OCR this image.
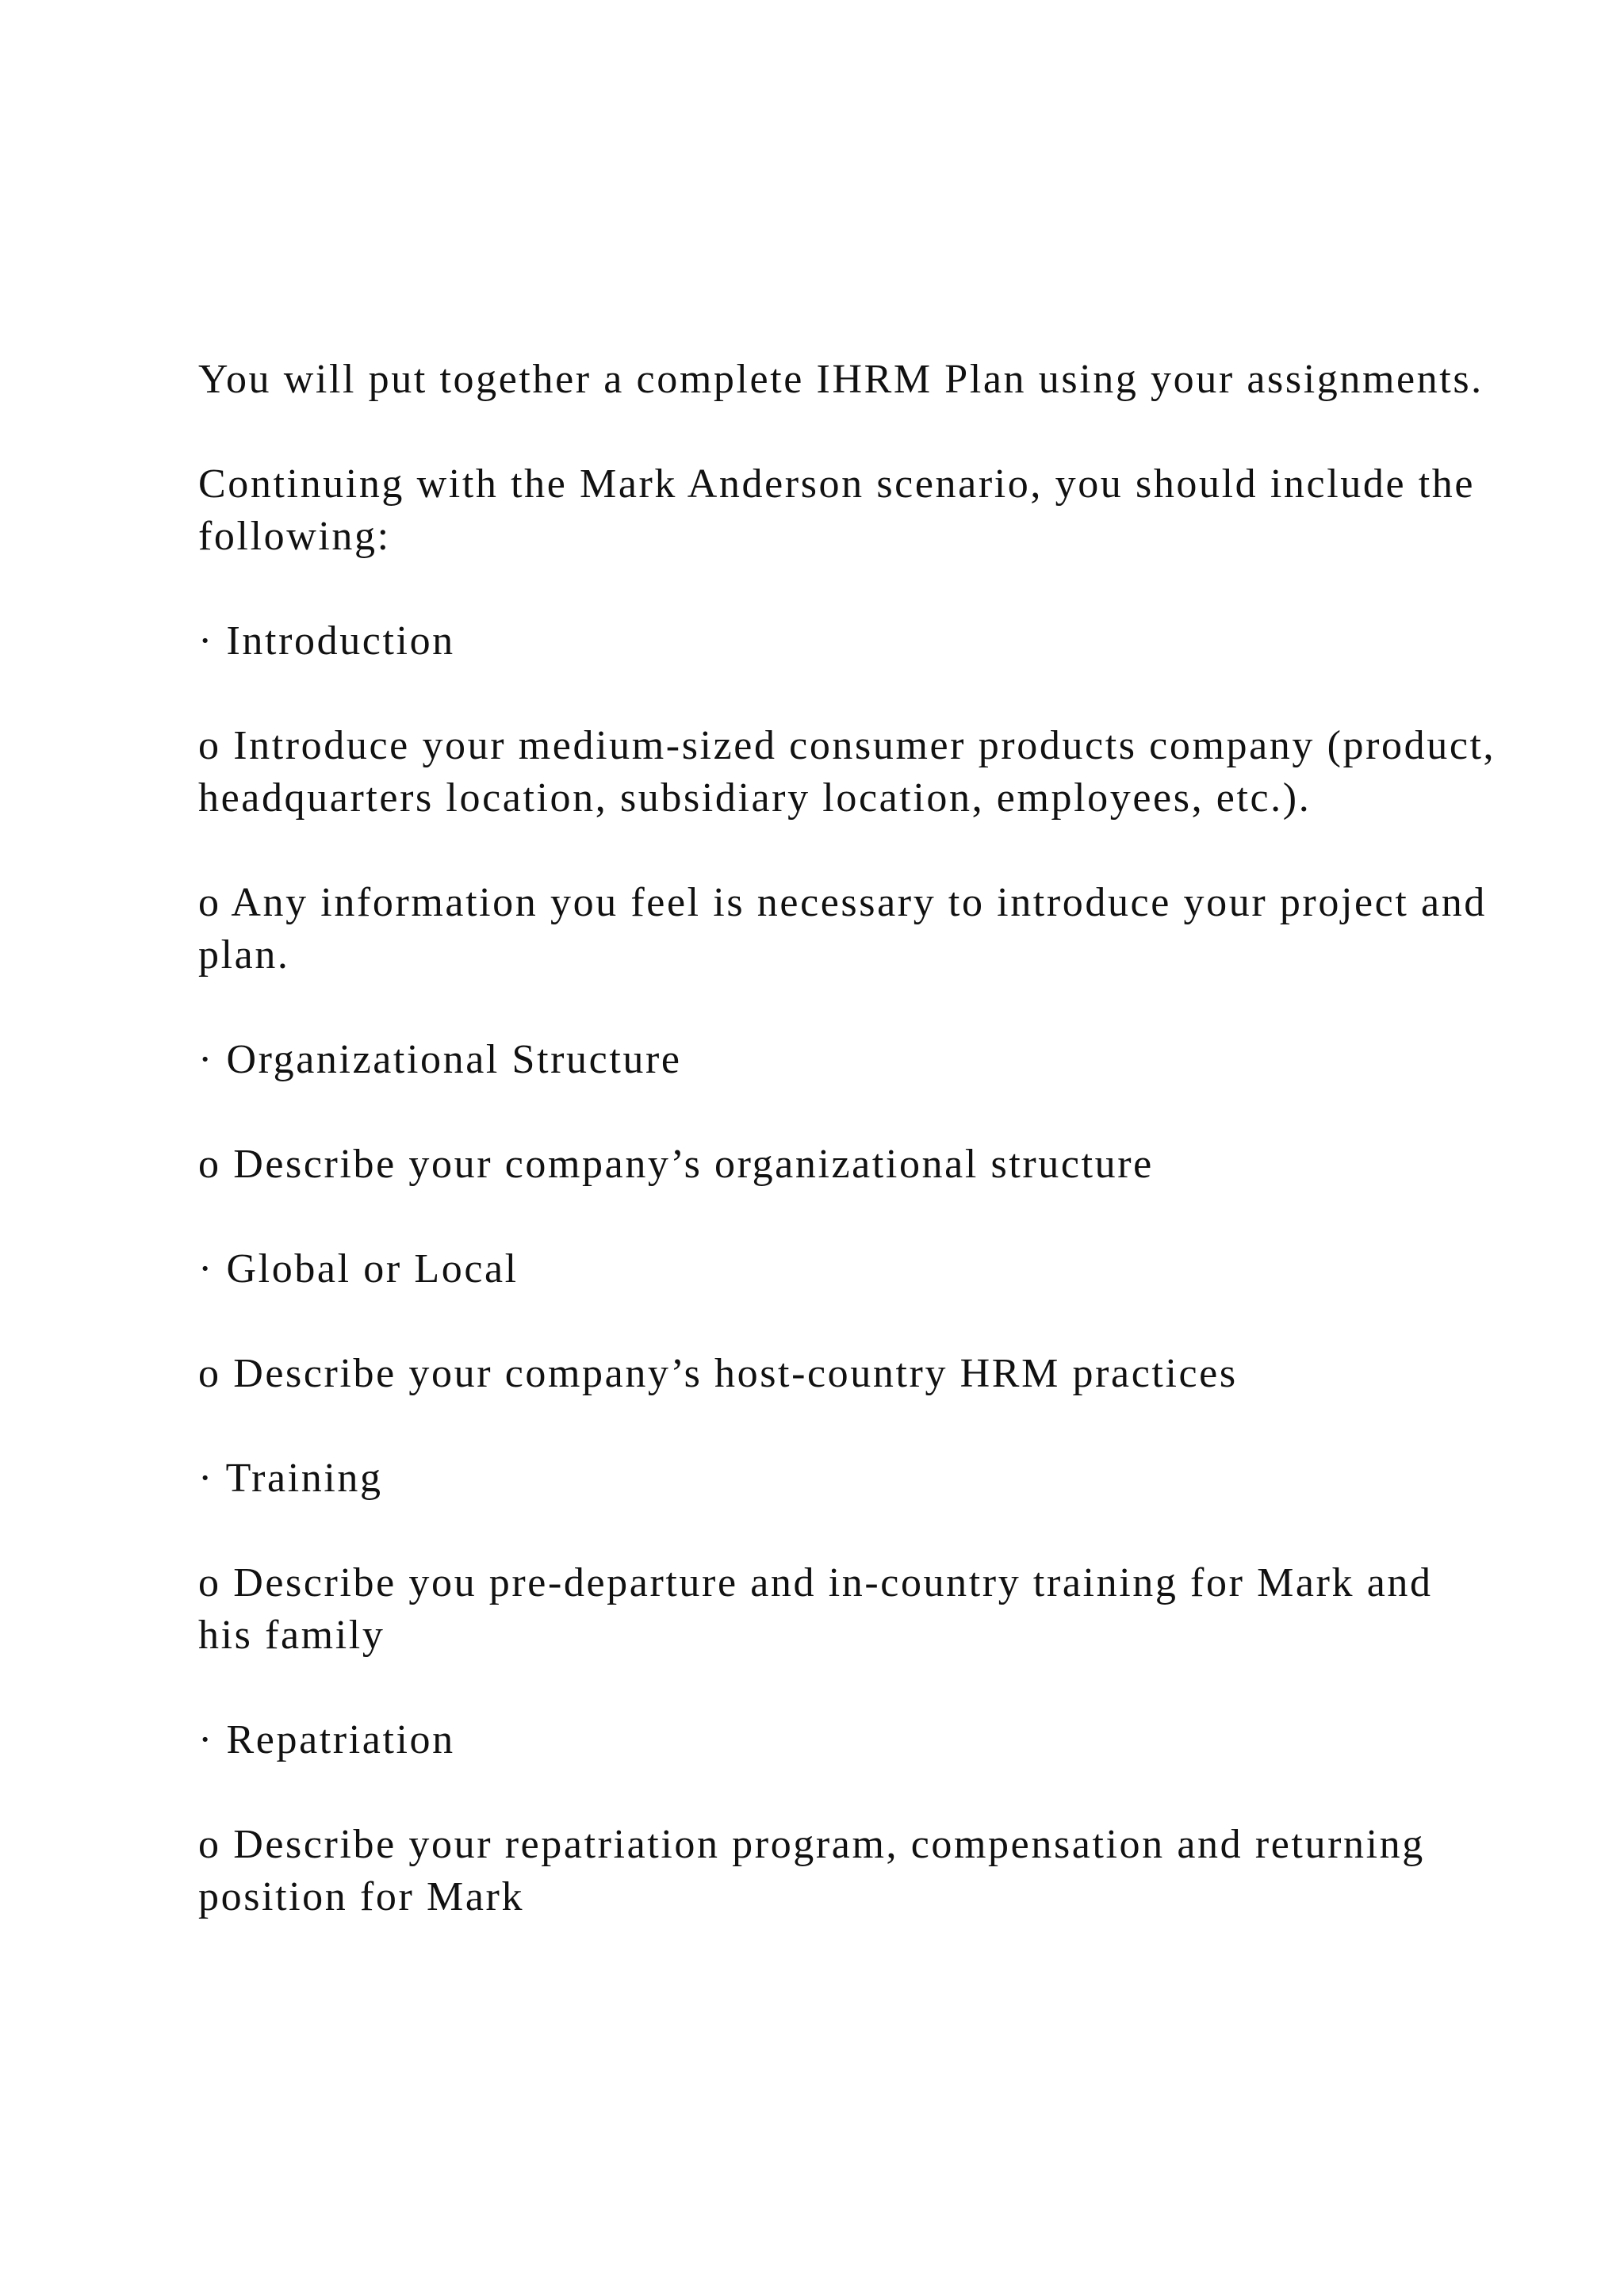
You will put together a complete IHRM Plan using your assignments.

Continuing with the Mark Anderson scenario, you should include the following:

· Introduction

o Introduce your medium-sized consumer products company (product, headquarters location, subsidiary location, employees, etc.).

o Any information you feel is necessary to introduce your project and plan.

· Organizational Structure

o Describe your company’s organizational structure

· Global or Local

o Describe your company’s host-country HRM practices

· Training

o Describe you pre-departure and in-country training for Mark and his family

· Repatriation

o Describe your repatriation program, compensation and returning position for Mark
